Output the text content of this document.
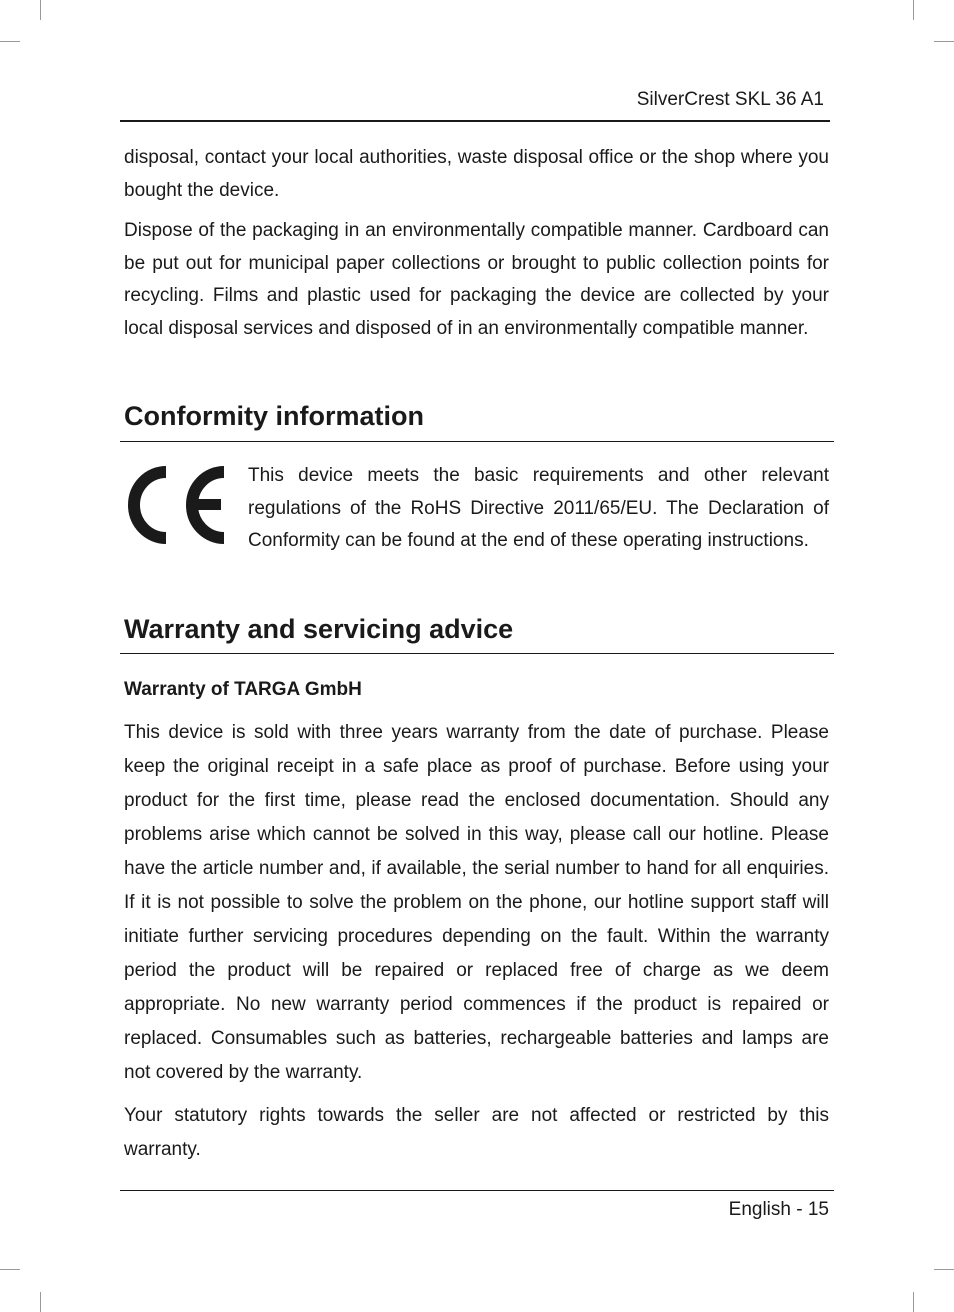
SilverCrest SKL 36 A1

disposal, contact your local authorities, waste disposal office or the shop where you bought the device.

Dispose of the packaging in an environmentally compatible manner. Cardboard can be put out for municipal paper collections or brought to public collection points for recycling. Films and plastic used for packaging the device are collected by your local disposal services and disposed of in an environmentally compatible manner.

Conformity information

This device meets the basic requirements and other relevant regulations of the RoHS Directive 2011/65/EU. The Declaration of Conformity can be found at the end of these operating instructions.

Warranty and servicing advice
Warranty of TARGA GmbH

This device is sold with three years warranty from the date of purchase. Please keep the original receipt in a safe place as proof of purchase. Before using your product for the first time, please read the enclosed documentation. Should any problems arise which cannot be solved in this way, please call our hotline. Please have the article number and, if available, the serial number to hand for all enquiries. If it is not possible to solve the problem on the phone, our hotline support staff will initiate further servicing procedures depending on the fault. Within the warranty period the product will be repaired or replaced free of charge as we deem appropriate. No new warranty period commences if the product is repaired or replaced. Consumables such as batteries, rechargeable batteries and lamps are not covered by the warranty.

Your statutory rights towards the seller are not affected or restricted by this warranty.

English - 15
